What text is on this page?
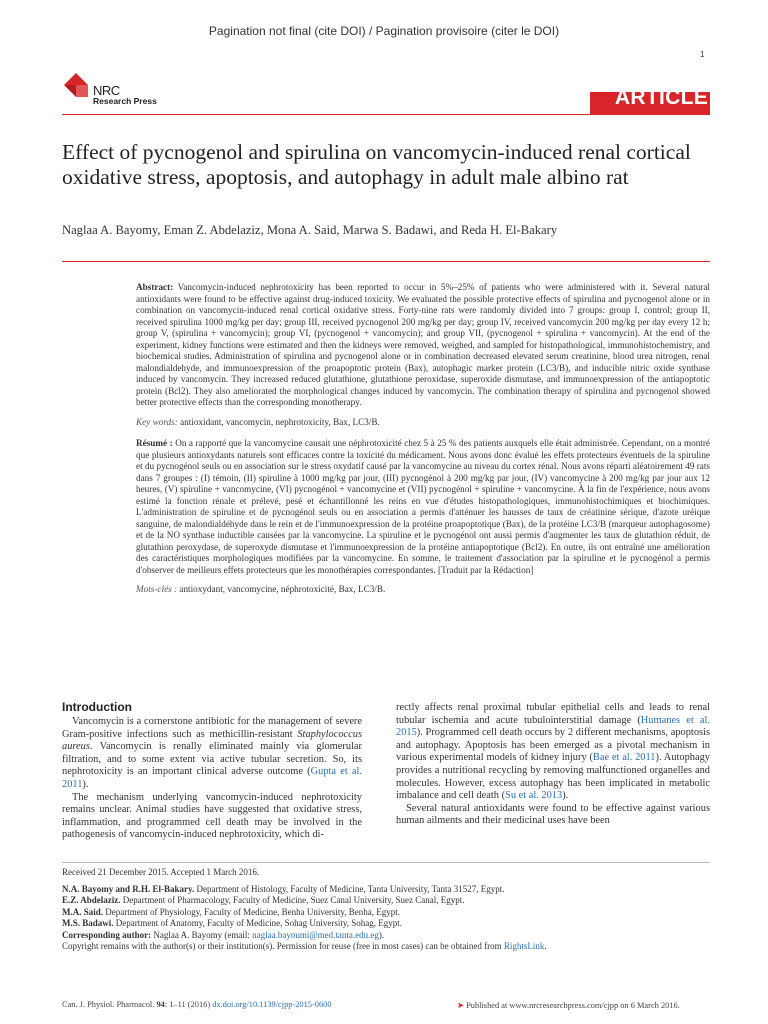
Pagination not final (cite DOI) / Pagination provisoire (citer le DOI)
1
NRC
Research Press	ARTICLE
Effect of pycnogenol and spirulina on vancomycin-induced renal cortical oxidative stress, apoptosis, and autophagy in adult male albino rat
Naglaa A. Bayomy, Eman Z. Abdelaziz, Mona A. Said, Marwa S. Badawi, and Reda H. El-Bakary
Abstract: Vancomycin-induced nephrotoxicity has been reported to occur in 5%–25% of patients who were administered with it. Several natural antioxidants were found to be effective against drug-induced toxicity. We evaluated the possible protective effects of spirulina and pycnogenol alone or in combination on vancomycin-induced renal cortical oxidative stress. Forty-nine rats were randomly divided into 7 groups: group I, control; group II, received spirulina 1000 mg/kg per day; group III, received pycnogenol 200 mg/kg per day; group IV, received vancomycin 200 mg/kg per day every 12 h; group V, (spirulina + vancomycin); group VI, (pycnogenol + vancomycin); and group VII, (pycnogenol + spirulina + vancomycin). At the end of the experiment, kidney functions were estimated and then the kidneys were removed, weighed, and sampled for histopathological, immunohistochemistry, and biochemical studies. Administration of spirulina and pycnogenol alone or in combination decreased elevated serum creatinine, blood urea nitrogen, renal malondialdehyde, and immunoexpression of the proapoptotic protein (Bax), autophagic marker protein (LC3/B), and inducible nitric oxide synthase induced by vancomycin. They increased reduced glutathione, glutathione peroxidase, superoxide dismutase, and immunoexpression of the antiapoptotic protein (Bcl2). They also ameliorated the morphological changes induced by vancomycin. The combination therapy of spirulina and pycnogenol showed better protective effects than the corresponding monotherapy.
Key words: antioxidant, vancomycin, nephrotoxicity, Bax, LC3/B.
Résumé : On a rapporté que la vancomycine causait une néphrotoxicité chez 5 à 25 % des patients auxquels elle était administrée. Cependant, on a montré que plusieurs antioxydants naturels sont efficaces contre la toxicité du médicament. Nous avons donc évalué les effets protecteurs éventuels de la spiruline et du pycnogénol seuls ou en association sur le stress oxydatif causé par la vancomycine au niveau du cortex rénal. Nous avons réparti aléatoirement 49 rats dans 7 groupes : (I) témoin, (II) spiruline à 1000 mg/kg par jour, (III) pycnogénol à 200 mg/kg par jour, (IV) vancomycine à 200 mg/kg par jour aux 12 heures, (V) spiruline + vancomycine, (VI) pycnogénol + vancomycine et (VII) pycnogénol + spiruline + vancomycine. À la fin de l'expérience, nous avons estimé la fonction rénale et prélevé, pesé et échantillonné les reins en vue d'études histopathologiques, immunohistochimiques et biochimiques. L'administration de spiruline et de pycnogénol seuls ou en association a permis d'atténuer les hausses de taux de créatinine sérique, d'azote uréique sanguine, de malondialdéhyde dans le rein et de l'immunoexpression de la protéine proapoptotique (Bax), de la protéine LC3/B (marqueur autophagosome) et de la NO synthase inductible causées par la vancomycine. La spiruline et le pycnogénol ont aussi permis d'augmenter les taux de glutathion réduit, de glutathion peroxydase, de superoxyde dismutase et l'immunoexpression de la protéine antiapoptotique (Bcl2). En outre, ils ont entraîné une amélioration des caractéristiques morphologiques modifiées par la vancomycine. En somme, le traitement d'association par la spiruline et le pycnogénol a permis d'observer de meilleurs effets protecteurs que les monothérapies correspondantes. [Traduit par la Rédaction]
Mots-clés : antioxydant, vancomycine, néphrotoxicité, Bax, LC3/B.
Introduction

Vancomycin is a cornerstone antibiotic for the management of severe Gram-positive infections such as methicillin-resistant Staphylococcus aureus. Vancomycin is renally eliminated mainly via glomerular filtration, and to some extent via active tubular secretion. So, its nephrotoxicity is an important clinical adverse outcome (Gupta et al. 2011).

The mechanism underlying vancomycin-induced nephrotoxicity remains unclear. Animal studies have suggested that oxidative stress, inflammation, and programmed cell death may be involved in the pathogenesis of vancomycin-induced nephrotoxicity, which di-

rectly affects renal proximal tubular epithelial cells and leads to renal tubular ischemia and acute tubulointerstitial damage (Humanes et al. 2015). Programmed cell death occurs by 2 different mechanisms, apoptosis and autophagy. Apoptosis has been emerged as a pivotal mechanism in various experimental models of kidney injury (Bae et al. 2011). Autophagy provides a nutritional recycling by removing malfunctioned organelles and molecules. However, excess autophagy has been implicated in metabolic imbalance and cell death (Su et al. 2013).

Several natural antioxidants were found to be effective against various human ailments and their medicinal uses have been

Received 21 December 2015. Accepted 1 March 2016.
N.A. Bayomy and R.H. El-Bakary. Department of Histology, Faculty of Medicine, Tanta University, Tanta 31527, Egypt.
E.Z. Abdelaziz. Department of Pharmacology, Faculty of Medicine, Suez Canal University, Suez Canal, Egypt.
M.A. Said. Department of Physiology, Faculty of Medicine, Benha University, Benha, Egypt.
M.S. Badawi. Department of Anatomy, Faculty of Medicine, Sohag University, Sohag, Egypt.
Corresponding author: Naglaa A. Bayomy (email: naglaa.bayoumi@med.tanta.edu.eg).
Copyright remains with the author(s) or their institution(s). Permission for reuse (free in most cases) can be obtained from RightsLink.
Can. J. Physiol. Pharmacol. 94: 1–11 (2016) dx.doi.org/10.1139/cjpp-2015-0600	➤ Published at www.nrcresearchpress.com/cjpp on 6 March 2016.
